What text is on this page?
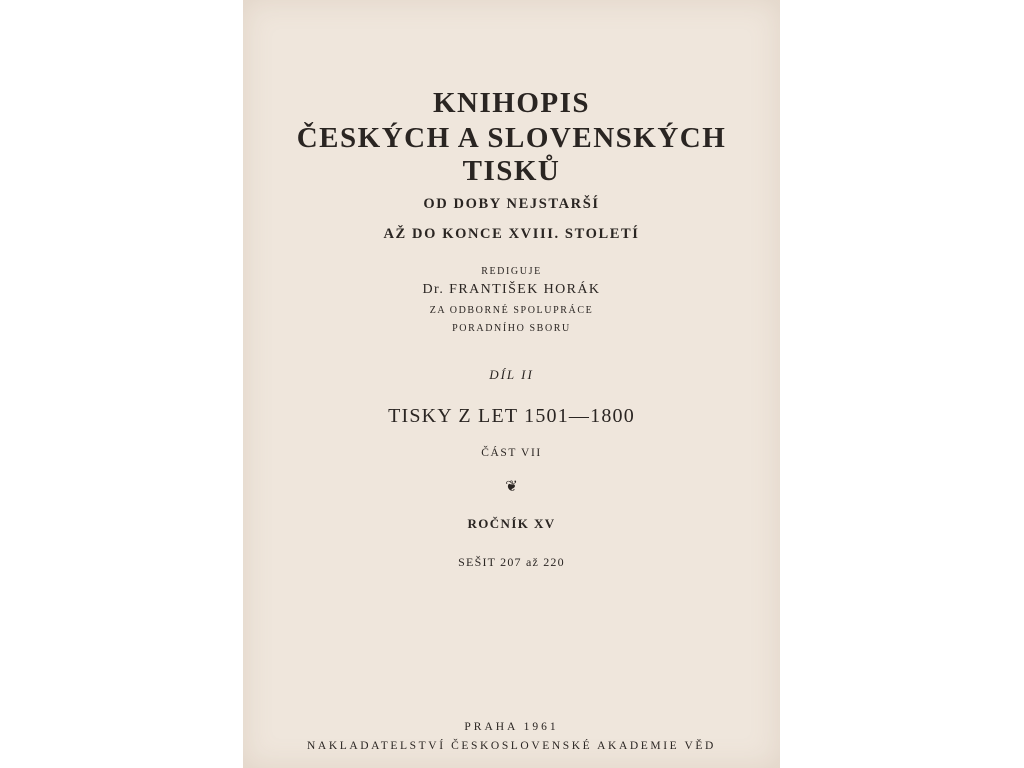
KNIHOPIS
ČESKÝCH A SLOVENSKÝCH
TISKŮ
OD DOBY NEJSTARŠÍ
AŽ DO KONCE XVIII. STOLETÍ
REDIGUJE
Dr. FRANTIŠEK HORÁK
ZA ODBORNÉ SPOLUPRÁCE
PORADNÍHO SBORU
DÍL II
TISKY Z LET 1501—1800
ČÁST VII
❦
ROČNÍK XV
SEŠIT 207 až 220
PRAHA 1961
NAKLADATELSTVÍ ČESKOSLOVENSKÉ AKADEMIE VĚD
